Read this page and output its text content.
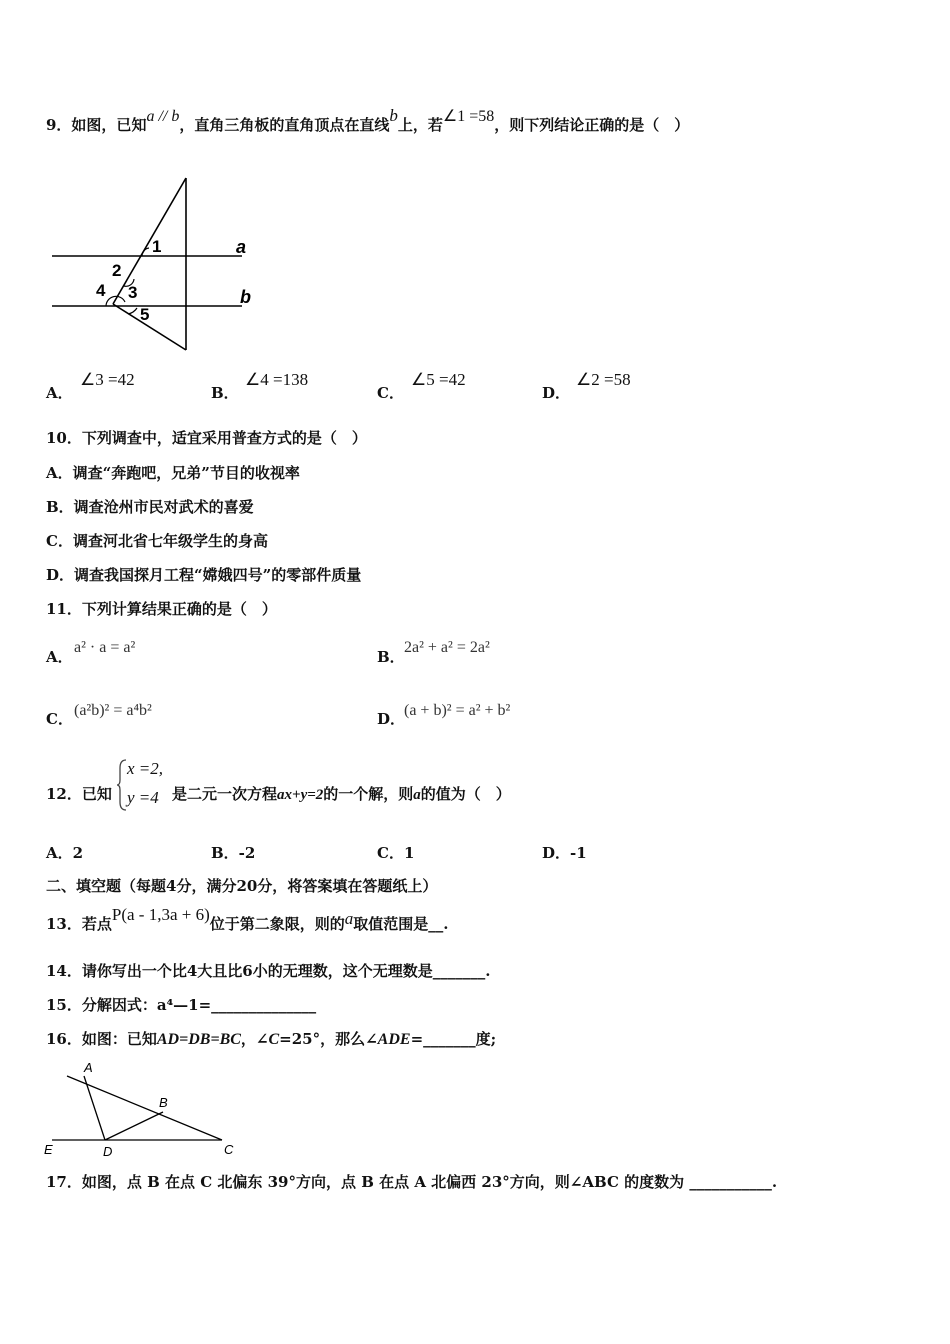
9．如图，已知a // b，直角三角板的直角顶点在直线b上，若∠1 =58，则下列结论正确的是（　）
1	a
2
4 3	b
5
A．
∠3 =42
B．
∠4 =138
C．
∠5 =42
D．
∠2 =58
10．下列调查中，适宜采用普查方式的是（　）
A．调查“奔跑吧，兄弟”节目的收视率
B．调查沧州市民对武术的喜爱
C．调查河北省七年级学生的身高
D．调查我国探月工程“嫦娥四号”的零部件质量
11．下列计算结果正确的是（　）
A．
a² · a = a²
B．
2a² + a² = 2a²
C． (a²b)² = a⁴b²	D．
(a + b)² = a² + b²
12．已知
x =2,
y =4 是二元一次方程ax+y=2的一个解，则a的值为（　）
A．2	B．-2	C．1	D．-1
二、填空题（每题4分，满分20分，将答案填在答题纸上）
13．若点P(a - 1,3a + 6)位于第二象限，则的a取值范围是__.
14．请你写出一个比4大且比6小的无理数，这个无理数是_______.
15．分解因式：a⁴—1=______________
16．如图：已知AD=DB=BC，∠C=25°，那么∠ADE=_______度;
A
B
E	D	C
17．如图，点 B 在点 C 北偏东 39°方向，点 B 在点 A 北偏西 23°方向，则∠ABC 的度数为 ___________.
